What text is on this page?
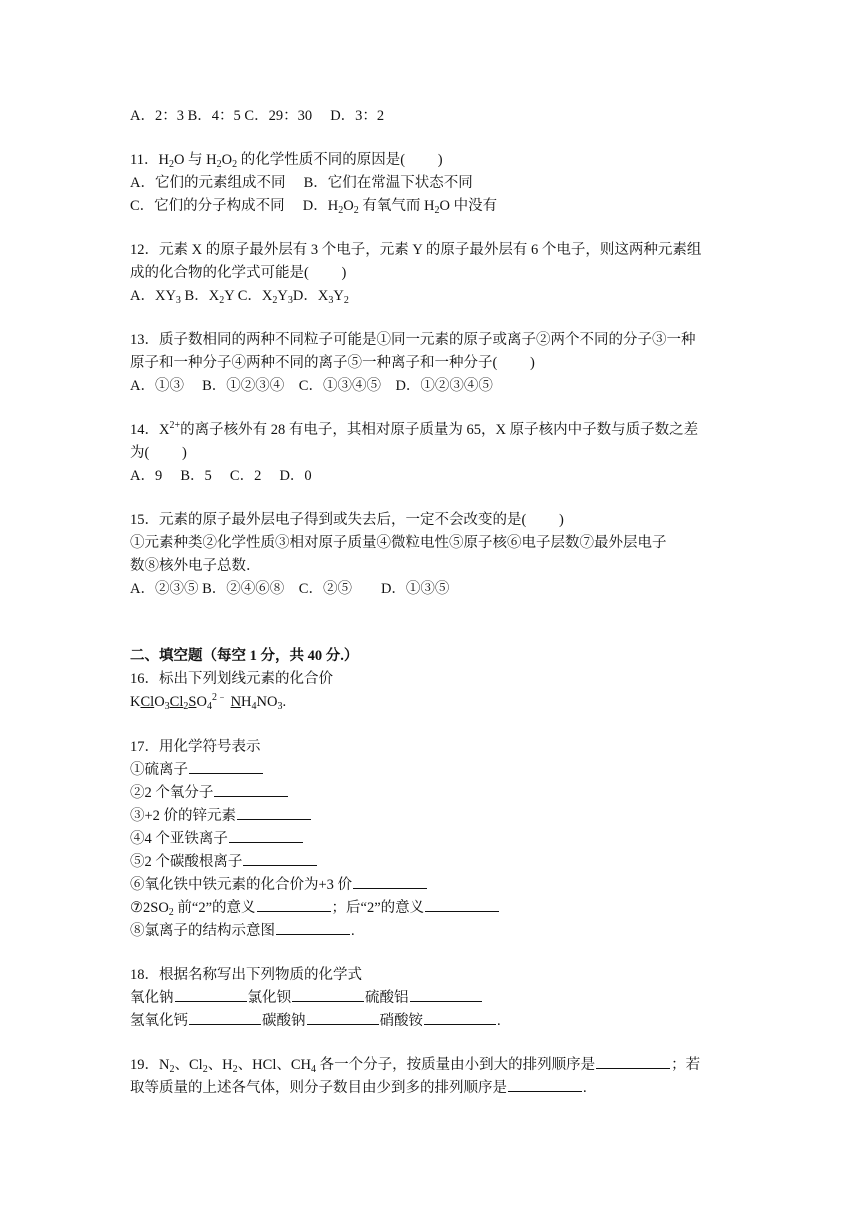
A．2：3 B．4：5 C．29：30　 D．3：2
11．$H_2O$ 与 $H_2O_2$ 的化学性质不同的原因是(　　 )
A．它们的元素组成不同　 B．它们在常温下状态不同
C．它们的分子构成不同　 D．$H_2O_2$ 有氧气而 $H_2O$ 中没有
12．元素 X 的原子最外层有 3 个电子，元素 Y 的原子最外层有 6 个电子，则这两种元素组
成的化合物的化学式可能是(　　 )
A．$XY_3$ B．$X_2Y$ C．$X_2Y_3D$．$X_3Y_2$
13．质子数相同的两种不同粒子可能是①同一元素的原子或离子②两个不同的分子③一种
原子和一种分子④两种不同的离子⑤一种离子和一种分子(　　 )
A．①③　 B．①②③④　C．①③④⑤　D．①②③④⑤
14．$X^{2+}$的离子核外有 28 有电子，其相对原子质量为 65，X 原子核内中子数与质子数之差
为(　　 )
A．9　 B．5　 C．2　 D．0
15．元素的原子最外层电子得到或失去后，一定不会改变的是(　　 )
①元素种类②化学性质③相对原子质量④微粒电性⑤原子核⑥电子层数⑦最外层电子
数⑧核外电子总数．
A．②③⑤ B．②④⑥⑧　C．②⑤　　D．①③⑤
二、填空题（每空 1 分，共 40 分.）
16．标出下列划线元素的化合价
$KClO_3Cl_2SO_4^{2﹣}$ $NH_4NO_3$.
17．用化学符号表示
①硫离子
②2 个氧分子
③+2 价的锌元素
④4 个亚铁离子
⑤2 个碳酸根离子
⑥氧化铁中铁元素的化合价为+3 价
$⑦2SO_2$ 前“2”的意义	；后“2”的意义
⑧氯离子的结构示意图	.
18．根据名称写出下列物质的化学式
氧化钠	氯化钡	硫酸铝
氢氧化钙	碳酸钠	硝酸铵	.
19．$N_2$、$Cl_2$、$H_2$、HCl、$CH_4$ 各一个分子，按质量由小到大的排列顺序是	；若
取等质量的上述各气体，则分子数目由少到多的排列顺序是	.
